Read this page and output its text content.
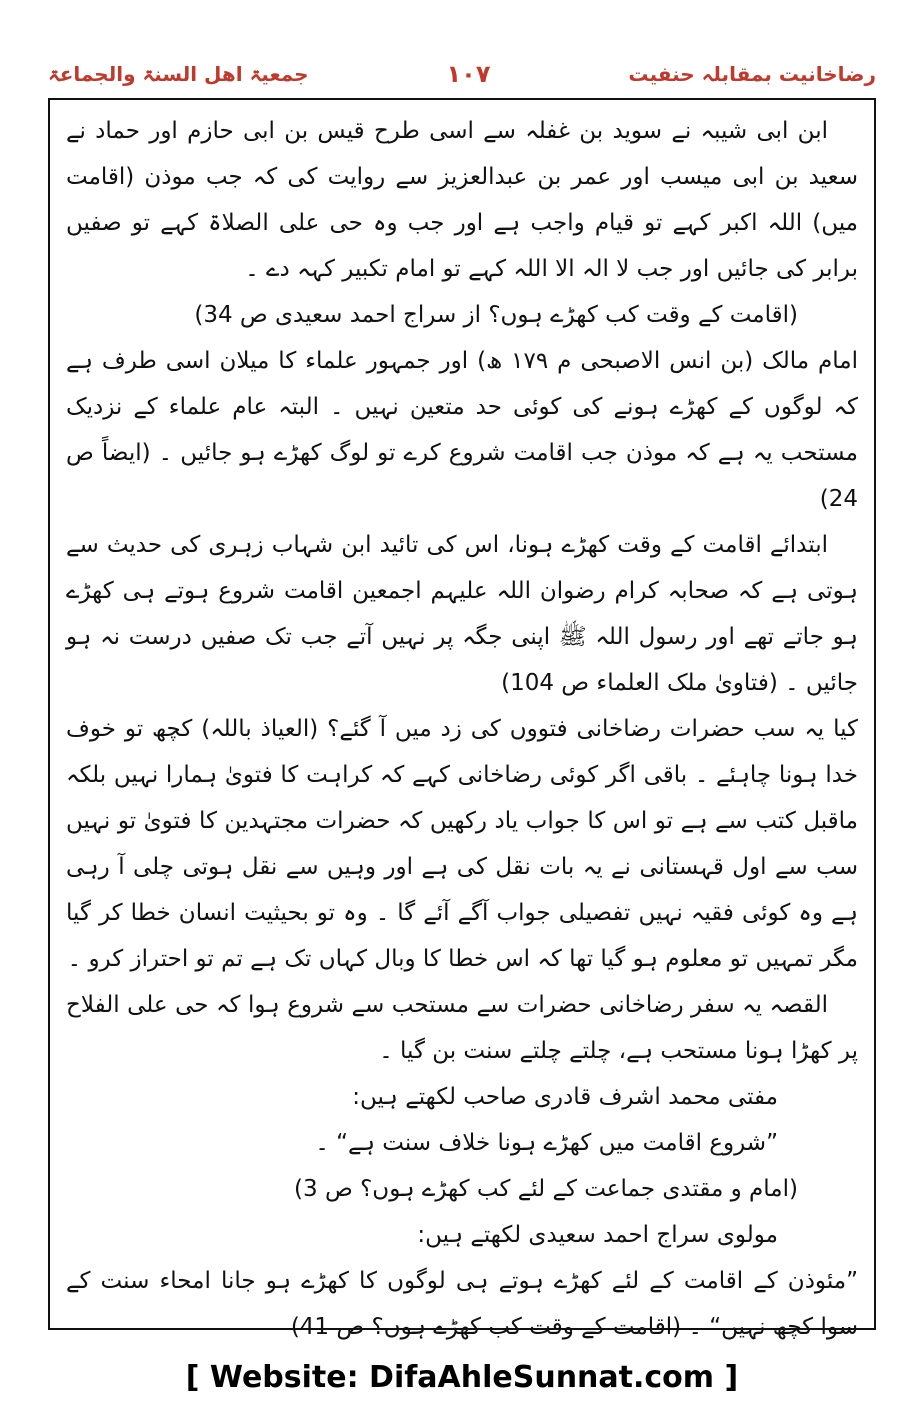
جمعیۃ اھل السنۃ والجماعۃ	۱۰۷	رضاخانیت بمقابلہ حنفیت

ابن ابی شیبہ نے سوید بن غفلہ سے اسی طرح قیس بن ابی حازم اور حماد نے سعید بن ابی میسب اور عمر بن عبدالعزیز سے روایت کی کہ جب موذن (اقامت میں) اللہ اکبر کہے تو قیام واجب ہے اور جب وہ حی علی الصلاۃ کہے تو صفیں برابر کی جائیں اور جب لا الہ الا اللہ کہے تو امام تکبیر کہہ دے ۔

(اقامت کے وقت کب کھڑے ہوں؟ از سراج احمد سعیدی ص 34)

امام مالک (بن انس الاصبحی م ۱۷۹ ھ) اور جمہور علماء کا میلان اسی طرف ہے کہ لوگوں کے کھڑے ہونے کی کوئی حد متعین نہیں ۔ البتہ عام علماء کے نزدیک مستحب یہ ہے کہ موذن جب اقامت شروع کرے تو لوگ کھڑے ہو جائیں ۔ (ایضاً ص 24)

ابتدائے اقامت کے وقت کھڑے ہونا، اس کی تائید ابن شہاب زہری کی حدیث سے ہوتی ہے کہ صحابہ کرام رضوان اللہ علیہم اجمعین اقامت شروع ہوتے ہی کھڑے ہو جاتے تھے اور رسول اللہ ﷺ اپنی جگہ پر نہیں آتے جب تک صفیں درست نہ ہو جائیں ۔ (فتاویٰ ملک العلماء ص 104)

کیا یہ سب حضرات رضاخانی فتووں کی زد میں آ گئے؟ (العیاذ باللہ) کچھ تو خوف خدا ہونا چاہئے ۔ باقی اگر کوئی رضاخانی کہے کہ کراہت کا فتویٰ ہمارا نہیں بلکہ ماقبل کتب سے ہے تو اس کا جواب یاد رکھیں کہ حضرات مجتہدین کا فتویٰ تو نہیں سب سے اول قہستانی نے یہ بات نقل کی ہے اور وہیں سے نقل ہوتی چلی آ رہی ہے وہ کوئی فقیہ نہیں تفصیلی جواب آگے آئے گا ۔ وہ تو بحیثیت انسان خطا کر گیا مگر تمہیں تو معلوم ہو گیا تھا کہ اس خطا کا وبال کہاں تک ہے تم تو احتراز کرو ۔

القصہ یہ سفر رضاخانی حضرات سے مستحب سے شروع ہوا کہ حی علی الفلاح پر کھڑا ہونا مستحب ہے، چلتے چلتے سنت بن گیا ۔

مفتی محمد اشرف قادری صاحب لکھتے ہیں:

”شروع اقامت میں کھڑے ہونا خلاف سنت ہے“ ۔

(امام و مقتدی جماعت کے لئے کب کھڑے ہوں؟ ص 3)

مولوی سراج احمد سعیدی لکھتے ہیں:

”مئوذن کے اقامت کے لئے کھڑے ہوتے ہی لوگوں کا کھڑے ہو جانا امحاء سنت کے سوا کچھ نہیں“ ۔ (اقامت کے وقت کب کھڑے ہوں؟ ص 41)

[ Website: DifaAhleSunnat.com ]
